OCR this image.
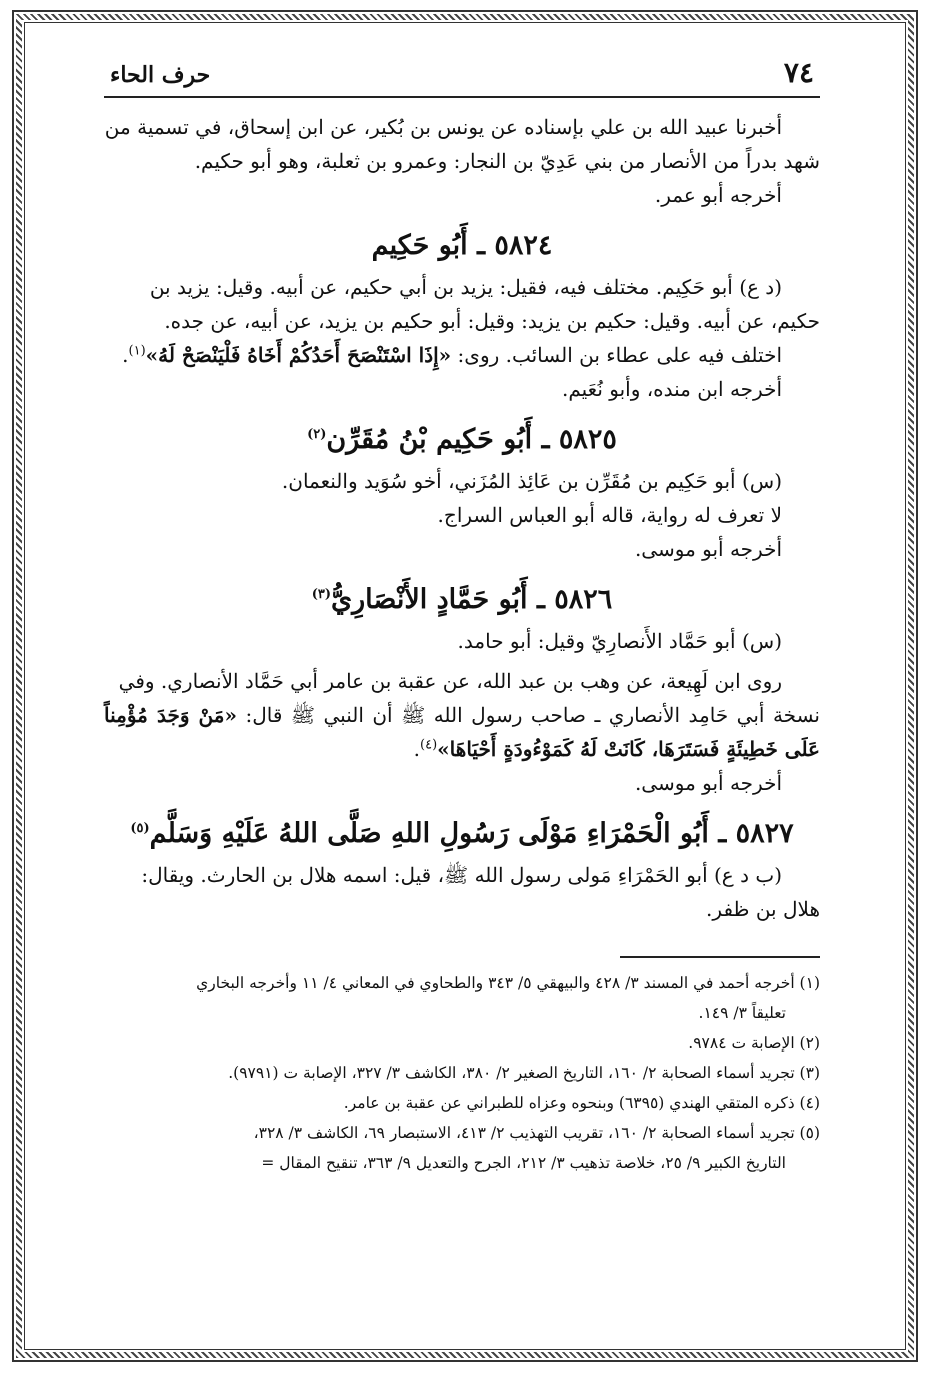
٧٤
حرف الحاء

أخبرنا عبيد الله بن علي بإسناده عن يونس بن بُكير، عن ابن إسحاق، في تسمية من

شهد بدراً من الأنصار من بني عَدِيّ بن النجار: وعمرو بن ثعلبة، وهو أبو حكيم.

أخرجه أبو عمر.

٥٨٢٤ ـ أَبُو حَكِيم

(د ع) أبو حَكِيم. مختلف فيه، فقيل: يزيد بن أبي حكيم، عن أبيه. وقيل: يزيد بن

حكيم، عن أبيه. وقيل: حكيم بن يزيد: وقيل: أبو حكيم بن يزيد، عن أبيه، عن جده.

اختلف فيه على عطاء بن السائب. روى: «إِذَا اسْتَنْصَحَ أَحَدُكُمْ أَخَاهُ فَلْيَنْصَحْ لَهُ»$^{(١)}$.

أخرجه ابن منده، وأبو نُعَيم.

٥٨٢٥ ـ أَبُو حَكِيم بْنُ مُقَرِّن$^{(٢)}$

(س) أبو حَكِيم بن مُقَرِّن بن عَائِذ المُزَني، أخو سُوَيد والنعمان.

لا تعرف له رواية، قاله أبو العباس السراج.

أخرجه أبو موسى.

٥٨٢٦ ـ أَبُو حَمَّادٍ الأَنْصَارِيُّ$^{(٣)}$

(س) أبو حَمَّاد الأَنصارِيّ وقيل: أبو حامد.

روى ابن لَهِيعة، عن وهب بن عبد الله، عن عقبة بن عامر أبي حَمَّاد الأنصاري. وفي

نسخة أبي حَامِد الأنصاري ـ صاحب رسول الله ﷺ أن النبي ﷺ قال: «مَنْ وَجَدَ مُؤْمِناً عَلَى خَطِيئَةٍ فَسَتَرَهَا، كَانَتْ لَهُ كَمَوْءُودَةٍ أَحْيَاهَا»$^{(٤)}$.

أخرجه أبو موسى.

٥٨٢٧ ـ أَبُو الْحَمْرَاءِ مَوْلَى رَسُولِ اللهِ صَلَّى اللهُ عَلَيْهِ وَسَلَّم$^{(٥)}$

(ب د ع) أبو الحَمْرَاءِ مَولى رسول الله ﷺ، قيل: اسمه هلال بن الحارث. ويقال:

هلال بن ظفر.

(١) أخرجه أحمد في المسند ٣/ ٤٢٨ والبيهقي ٥/ ٣٤٣ والطحاوي في المعاني ٤/ ١١ وأخرجه البخاري

تعليقاً ٣/ ١٤٩.

(٢) الإصابة ت ٩٧٨٤.

(٣) تجريد أسماء الصحابة ٢/ ١٦٠، التاريخ الصغير ٢/ ٣٨٠، الكاشف ٣/ ٣٢٧، الإصابة ت (٩٧٩١).

(٤) ذكره المتقي الهندي (٦٣٩٥) وبنحوه وعزاه للطبراني عن عقبة بن عامر.

(٥) تجريد أسماء الصحابة ٢/ ١٦٠، تقريب التهذيب ٢/ ٤١٣، الاستبصار ٦٩، الكاشف ٣/ ٣٢٨،

التاريخ الكبير ٩/ ٢٥، خلاصة تذهيب ٣/ ٢١٢، الجرح والتعديل ٩/ ٣٦٣، تنقيح المقال =
